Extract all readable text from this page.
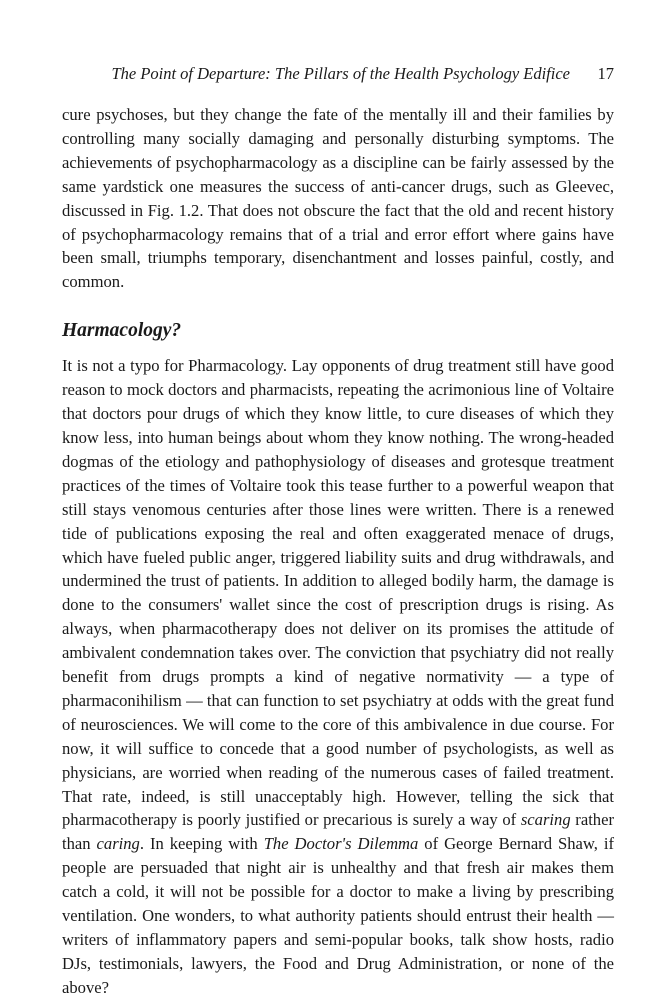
The Point of Departure: The Pillars of the Health Psychology Edifice 17

cure psychoses, but they change the fate of the mentally ill and their families by controlling many socially damaging and personally disturbing symptoms. The achievements of psychopharmacology as a discipline can be fairly assessed by the same yardstick one measures the success of anti-cancer drugs, such as Gleevec, discussed in Fig. 1.2. That does not obscure the fact that the old and recent history of psychopharmacology remains that of a trial and error effort where gains have been small, triumphs temporary, disenchantment and losses painful, costly, and common.

Harmacology?

It is not a typo for Pharmacology. Lay opponents of drug treatment still have good reason to mock doctors and pharmacists, repeating the acrimonious line of Voltaire that doctors pour drugs of which they know little, to cure diseases of which they know less, into human beings about whom they know nothing. The wrong-headed dogmas of the etiology and pathophysiology of diseases and grotesque treatment practices of the times of Voltaire took this tease further to a powerful weapon that still stays venomous centuries after those lines were written. There is a renewed tide of publications exposing the real and often exaggerated menace of drugs, which have fueled public anger, triggered liability suits and drug withdrawals, and undermined the trust of patients. In addition to alleged bodily harm, the damage is done to the consumers' wallet since the cost of prescription drugs is rising. As always, when pharmacotherapy does not deliver on its promises the attitude of ambivalent condemnation takes over. The conviction that psychiatry did not really benefit from drugs prompts a kind of negative normativity — a type of pharmaconihilism — that can function to set psychiatry at odds with the great fund of neurosciences. We will come to the core of this ambivalence in due course. For now, it will suffice to concede that a good number of psychologists, as well as physicians, are worried when reading of the numerous cases of failed treatment. That rate, indeed, is still unacceptably high. However, telling the sick that pharmacotherapy is poorly justified or precarious is surely a way of scaring rather than caring. In keeping with The Doctor's Dilemma of George Bernard Shaw, if people are persuaded that night air is unhealthy and that fresh air makes them catch a cold, it will not be possible for a doctor to make a living by prescribing ventilation. One wonders, to what authority patients should entrust their health — writers of inflammatory papers and semi-popular books, talk show hosts, radio DJs, testimonials, lawyers, the Food and Drug Administration, or none of the above?
